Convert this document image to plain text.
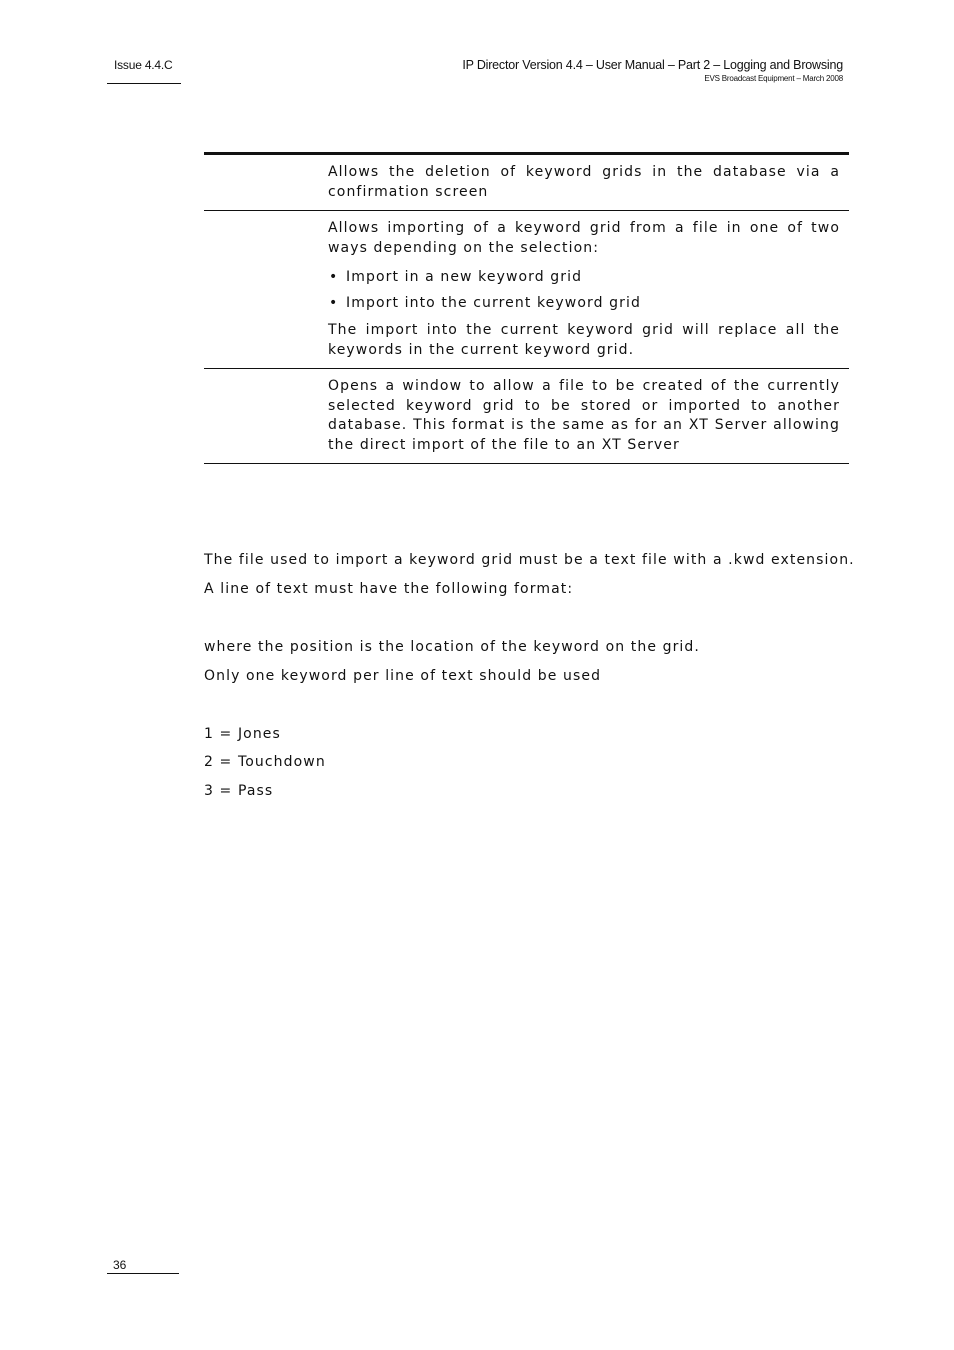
Issue 4.4.C	IP Director Version 4.4 – User Manual – Part 2 – Logging and Browsing
EVS Broadcast Equipment – March 2008

Allows the deletion of keyword grids in the database via a confirmation screen

Allows importing of a keyword grid from a file in one of two ways depending on the selection:

• Import in a new keyword grid
• Import into the current keyword grid

The import into the current keyword grid will replace all the keywords in the current keyword grid.

Opens a window to allow a file to be created of the currently selected keyword grid to be stored or imported to another database. This format is the same as for an XT Server allowing the direct import of the file to an XT Server

The file used to import a keyword grid must be a text file with a .kwd extension.

A line of text must have the following format:

where the position is the location of the keyword on the grid.

Only one keyword per line of text should be used

1 = Jones

2 = Touchdown

3 = Pass

36
